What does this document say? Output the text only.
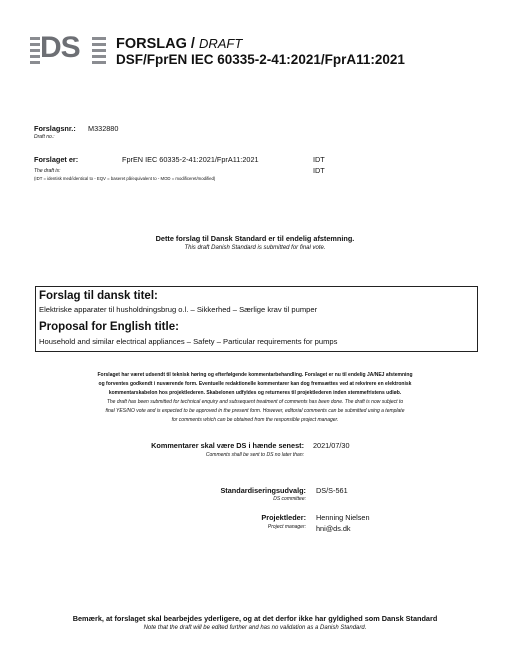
DS	FORSLAG / DRAFT
DSF/FprEN IEC 60335-2-41:2021/FprA11:2021
Forslagsnr.: M332880
Draft no.:
Forslaget er:	FprEN IEC 60335-2-41:2021/FprA11:2021	IDT
The draft is:	IDT
(IDT = identisk med/identical to - EQV = baseret på/equivalent to - MOD = modificeret/modified)
Dette forslag til Dansk Standard er til endelig afstemning.
This draft Danish Standard is submitted for final vote.
Forslag til dansk titel:
Elektriske apparater til husholdningsbrug o.l. – Sikkerhed – Særlige krav til pumper
Proposal for English title:
Household and similar electrical appliances – Safety – Particular requirements for pumps
Forslaget har været udsendt til teknisk høring og efterfølgende kommentarbehandling. Forslaget er nu til endelig JA/NEJ afstemning
og forventes godkendt i nuværende form. Eventuelle redaktionelle kommentarer kan dog fremsættes ved at rekvirere en elektronisk
kommentarskabelon hos projektlederen. Skabelonen udfyldes og returneres til projektlederen inden stemmefristens udløb.
The draft has been submitted for technical enquiry and subsequent treatment of comments has been done. The draft is now subject to
final YES/NO vote and is expected to be approved in the present form. However, editorial comments can be submitted using a template
for comments which can be obtained from the responsible project manager.
Kommentarer skal være DS i hænde senest: 2021/07/30
Comments shall be sent to DS no later than:
Standardiseringsudvalg: DS/S-561
DS committee:
Projektleder: Henning Nielsen
Project manager: hni@ds.dk
Bemærk, at forslaget skal bearbejdes yderligere, og at det derfor ikke har gyldighed som Dansk Standard
Note that the draft will be edited further and has no validation as a Danish Standard.
